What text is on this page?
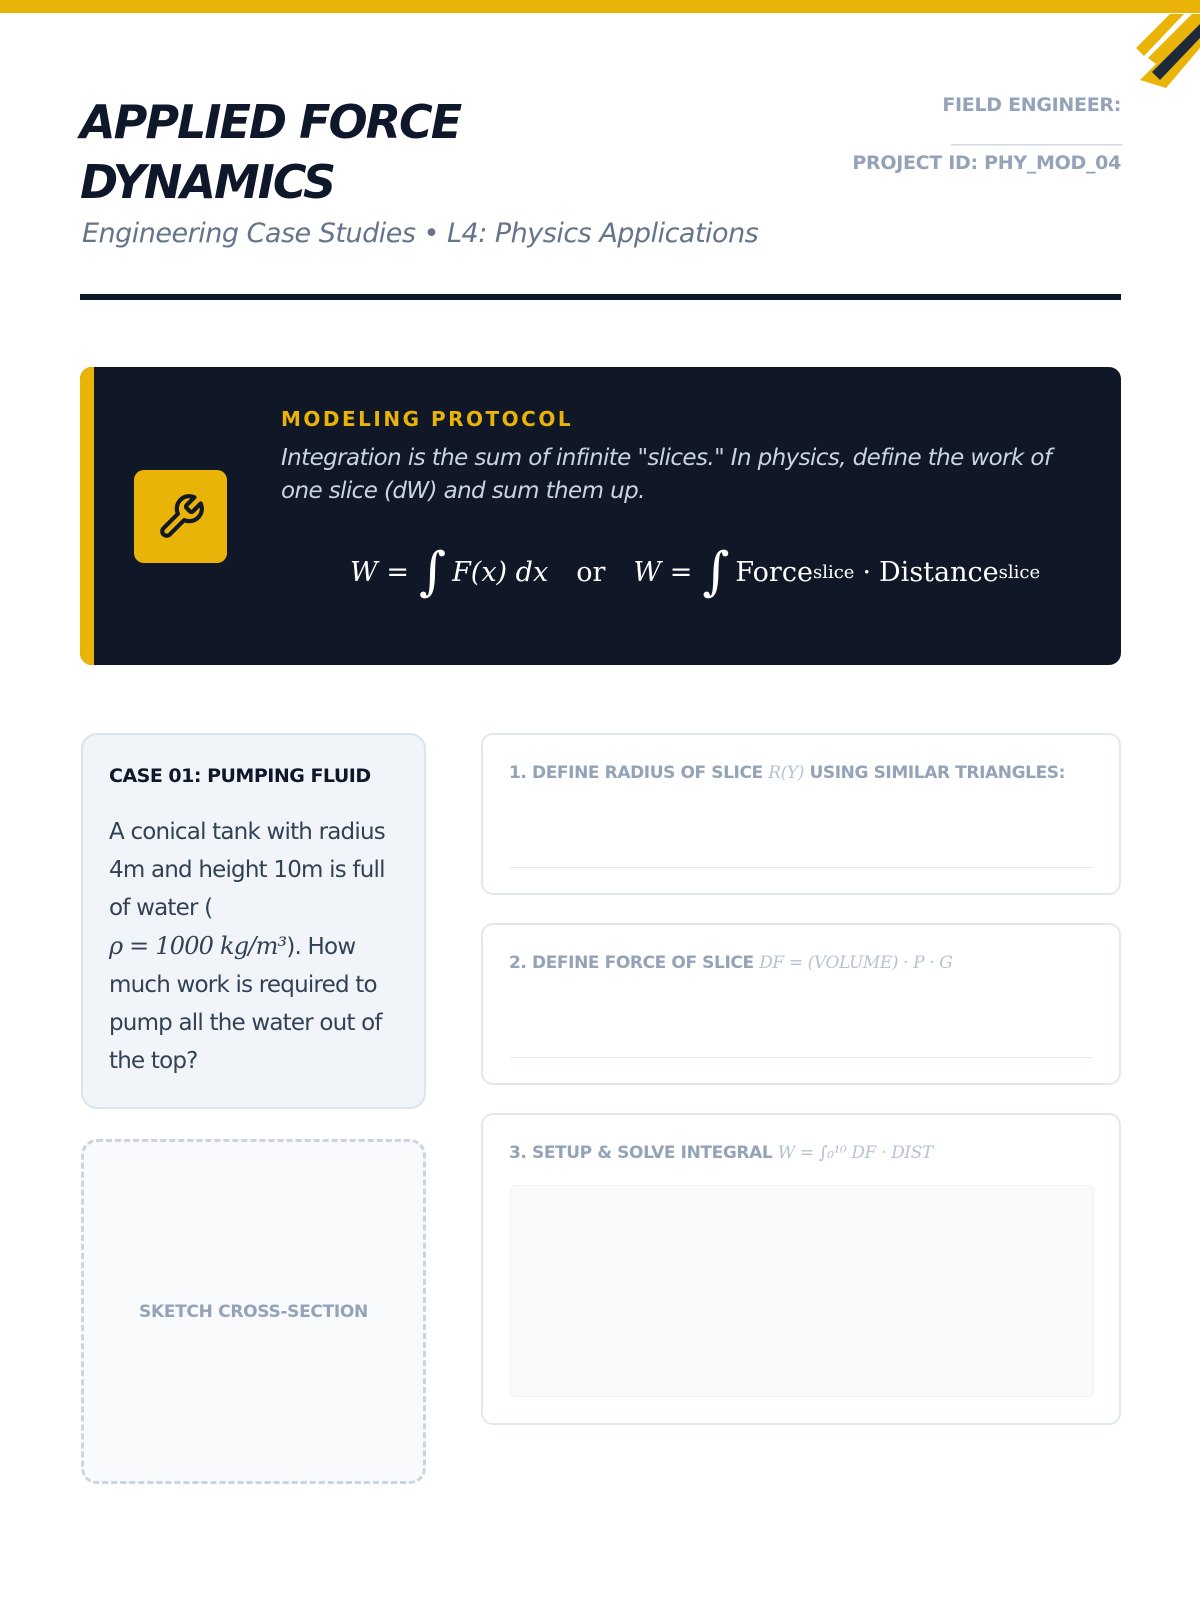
APPLIED FORCE DYNAMICS
Engineering Case Studies • L4: Physics Applications
FIELD ENGINEER:
____________________
PROJECT ID: PHY_MOD_04
MODELING PROTOCOL

Integration is the sum of infinite "slices." In physics, define the work of one slice (dW) and sum them up.

W = ∫ F(x) dx or W = ∫ Force slice · Distance slice
CASE 01: PUMPING FLUID

A conical tank with radius 4m and height 10m is full of water (
ρ = 1000 kg/m³). How much work is required to pump all the water out of the top?

SKETCH CROSS-SECTION
1. DEFINE RADIUS OF SLICE R(Y) USING SIMILAR TRIANGLES:
2. DEFINE FORCE OF SLICE DF = (VOLUME) · P · G
3. SETUP & SOLVE INTEGRAL W = ∫₀¹⁰ DF · DIST
